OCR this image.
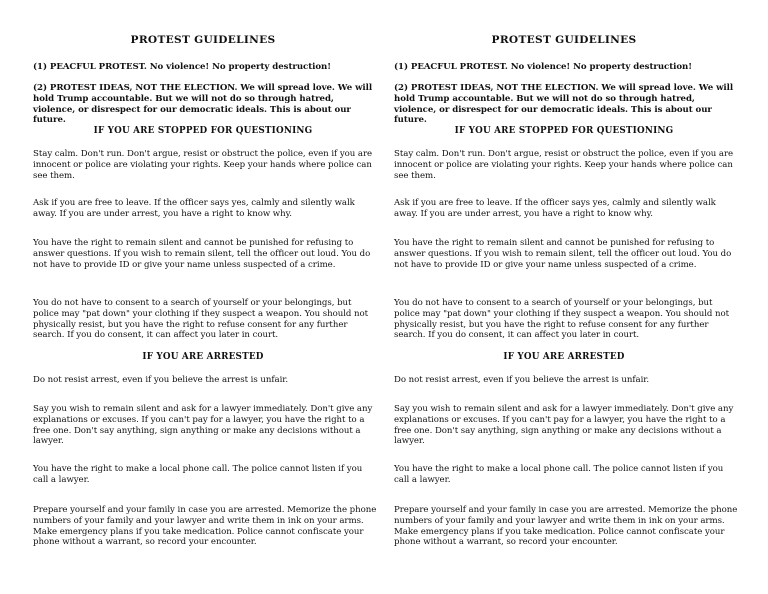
PROTEST GUIDELINES
(1) PEACFUL PROTEST. No violence! No property destruction!
(2) PROTEST IDEAS, NOT THE ELECTION. We will spread love. We will hold Trump accountable. But we will not do so through hatred, violence, or disrespect for our democratic ideals. This is about our future.
IF YOU ARE STOPPED FOR QUESTIONING
Stay calm. Don't run. Don't argue, resist or obstruct the police, even if you are innocent or police are violating your rights. Keep your hands where police can see them.
Ask if you are free to leave. If the officer says yes, calmly and silently walk away. If you are under arrest, you have a right to know why.
You have the right to remain silent and cannot be punished for refusing to answer questions. If you wish to remain silent, tell the officer out loud. You do not have to provide ID or give your name unless suspected of a crime.
You do not have to consent to a search of yourself or your belongings, but police may "pat down" your clothing if they suspect a weapon. You should not physically resist, but you have the right to refuse consent for any further search. If you do consent, it can affect you later in court.
IF YOU ARE ARRESTED
Do not resist arrest, even if you believe the arrest is unfair.
Say you wish to remain silent and ask for a lawyer immediately. Don't give any explanations or excuses. If you can't pay for a lawyer, you have the right to a free one. Don't say anything, sign anything or make any decisions without a lawyer.
You have the right to make a local phone call. The police cannot listen if you call a lawyer.
Prepare yourself and your family in case you are arrested. Memorize the phone numbers of your family and your lawyer and write them in ink on your arms. Make emergency plans if you take medication. Police cannot confiscate your phone without a warrant, so record your encounter.
PROTEST GUIDELINES
(1) PEACFUL PROTEST. No violence! No property destruction!
(2) PROTEST IDEAS, NOT THE ELECTION. We will spread love. We will hold Trump accountable. But we will not do so through hatred, violence, or disrespect for our democratic ideals. This is about our future.
IF YOU ARE STOPPED FOR QUESTIONING
Stay calm. Don't run. Don't argue, resist or obstruct the police, even if you are innocent or police are violating your rights. Keep your hands where police can see them.
Ask if you are free to leave. If the officer says yes, calmly and silently walk away. If you are under arrest, you have a right to know why.
You have the right to remain silent and cannot be punished for refusing to answer questions. If you wish to remain silent, tell the officer out loud. You do not have to provide ID or give your name unless suspected of a crime.
You do not have to consent to a search of yourself or your belongings, but police may "pat down" your clothing if they suspect a weapon. You should not physically resist, but you have the right to refuse consent for any further search. If you do consent, it can affect you later in court.
IF YOU ARE ARRESTED
Do not resist arrest, even if you believe the arrest is unfair.
Say you wish to remain silent and ask for a lawyer immediately. Don't give any explanations or excuses. If you can't pay for a lawyer, you have the right to a free one. Don't say anything, sign anything or make any decisions without a lawyer.
You have the right to make a local phone call. The police cannot listen if you call a lawyer.
Prepare yourself and your family in case you are arrested. Memorize the phone numbers of your family and your lawyer and write them in ink on your arms. Make emergency plans if you take medication. Police cannot confiscate your phone without a warrant, so record your encounter.
